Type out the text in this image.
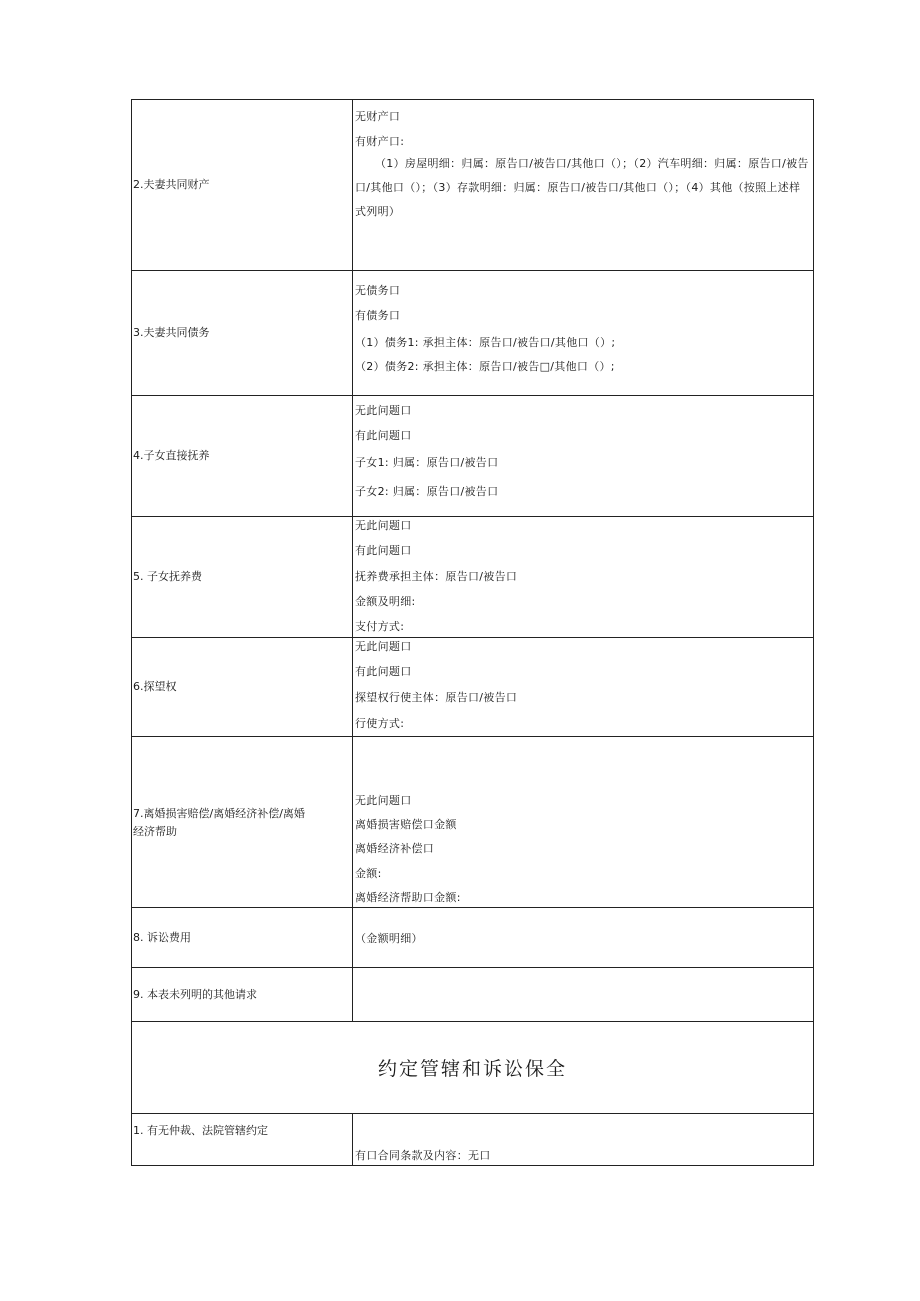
2.夫妻共同财产
无财产口
有财产口:
（1）房屋明细：归属：原告口/被告口/其他口（）；（2）汽车明细：归属：原告口/被告口/其他口（）；（3）存款明细：归属：原告口/被告口/其他口（）；（4）其他（按照上述样式列明）
3.夫妻共同债务
无债务口
有债务口
（1）债务1: 承担主体：原告口/被告口/其他口（）;
（2）债务2: 承担主体：原告口/被告□/其他口（）;
4.子女直接抚养
无此问题口
有此问题口
子女1: 归属：原告口/被告口
子女2: 归属：原告口/被告口
5. 子女抚养费
无此问题口
有此问题口
抚养费承担主体：原告口/被告口
金额及明细:
支付方式:
6.探望权
无此问题口
有此问题口
探望权行使主体：原告口/被告口
行使方式:
7.离婚损害赔偿/离婚经济补偿/离婚经济帮助
无此问题口
离婚损害赔偿口金额
离婚经济补偿口
金额:
离婚经济帮助口金额:
8. 诉讼费用	（金额明细）
9. 本表未列明的其他请求
约定管辖和诉讼保全
1. 有无仲裁、法院管辖约定
有口合同条款及内容：无口
